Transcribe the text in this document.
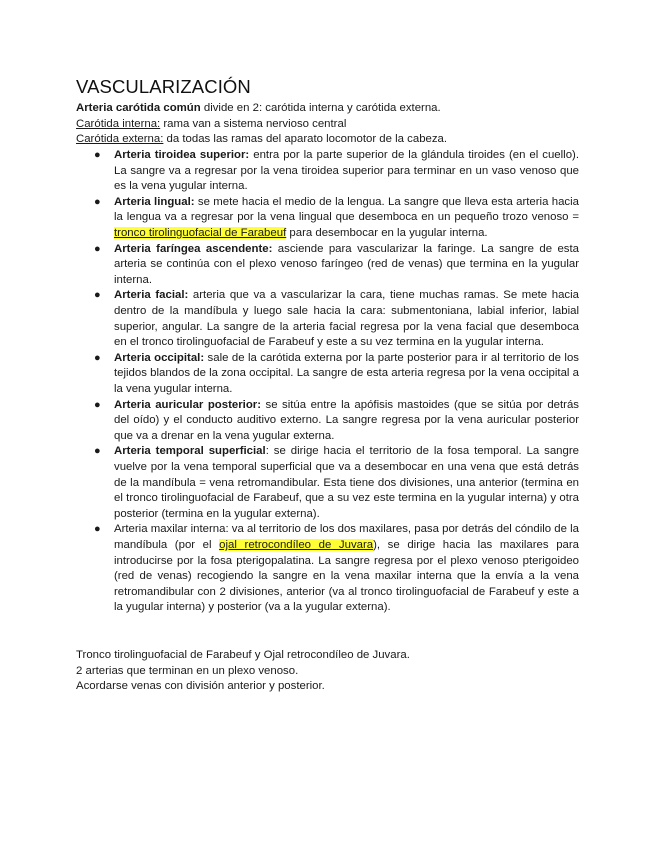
VASCULARIZACIÓN

Arteria carótida común divide en 2: carótida interna y carótida externa.

Carótida interna: rama van a sistema nervioso central

Carótida externa: da todas las ramas del aparato locomotor de la cabeza.

● Arteria tiroidea superior: entra por la parte superior de la glándula tiroides (en el cuello). La sangre va a regresar por la vena tiroidea superior para terminar en un vaso venoso que es la vena yugular interna.
● Arteria lingual: se mete hacia el medio de la lengua. La sangre que lleva esta arteria hacia la lengua va a regresar por la vena lingual que desemboca en un pequeño trozo venoso = tronco tirolinguofacial de Farabeuf para desembocar en la yugular interna.
● Arteria faríngea ascendente: asciende para vascularizar la faringe. La sangre de esta arteria se continúa con el plexo venoso faríngeo (red de venas) que termina en la yugular interna.
● Arteria facial: arteria que va a vascularizar la cara, tiene muchas ramas. Se mete hacia dentro de la mandíbula y luego sale hacia la cara: submentoniana, labial inferior, labial superior, angular. La sangre de la arteria facial regresa por la vena facial que desemboca en el tronco tirolinguofacial de Farabeuf y este a su vez termina en la yugular interna.
● Arteria occipital: sale de la carótida externa por la parte posterior para ir al territorio de los tejidos blandos de la zona occipital. La sangre de esta arteria regresa por la vena occipital a la vena yugular interna.
● Arteria auricular posterior: se sitúa entre la apófisis mastoides (que se sitúa por detrás del oído) y el conducto auditivo externo. La sangre regresa por la vena auricular posterior que va a drenar en la vena yugular externa.
● Arteria temporal superficial: se dirige hacia el territorio de la fosa temporal. La sangre vuelve por la vena temporal superficial que va a desembocar en una vena que está detrás de la mandíbula = vena retromandibular. Esta tiene dos divisiones, una anterior (termina en el tronco tirolinguofacial de Farabeuf, que a su vez este termina en la yugular interna) y otra posterior (termina en la yugular externa).
● Arteria maxilar interna: va al territorio de los dos maxilares, pasa por detrás del cóndilo de la mandíbula (por el ojal retrocondíleo de Juvara), se dirige hacia las maxilares para introducirse por la fosa pterigopalatina. La sangre regresa por el plexo venoso pterigoideo (red de venas) recogiendo la sangre en la vena maxilar interna que la envía a la vena retromandibular con 2 divisiones, anterior (va al tronco tirolinguofacial de Farabeuf y este a la yugular interna) y posterior (va a la yugular externa).

Tronco tirolinguofacial de Farabeuf y Ojal retrocondíleo de Juvara.

2 arterias que terminan en un plexo venoso.

Acordarse venas con división anterior y posterior.
